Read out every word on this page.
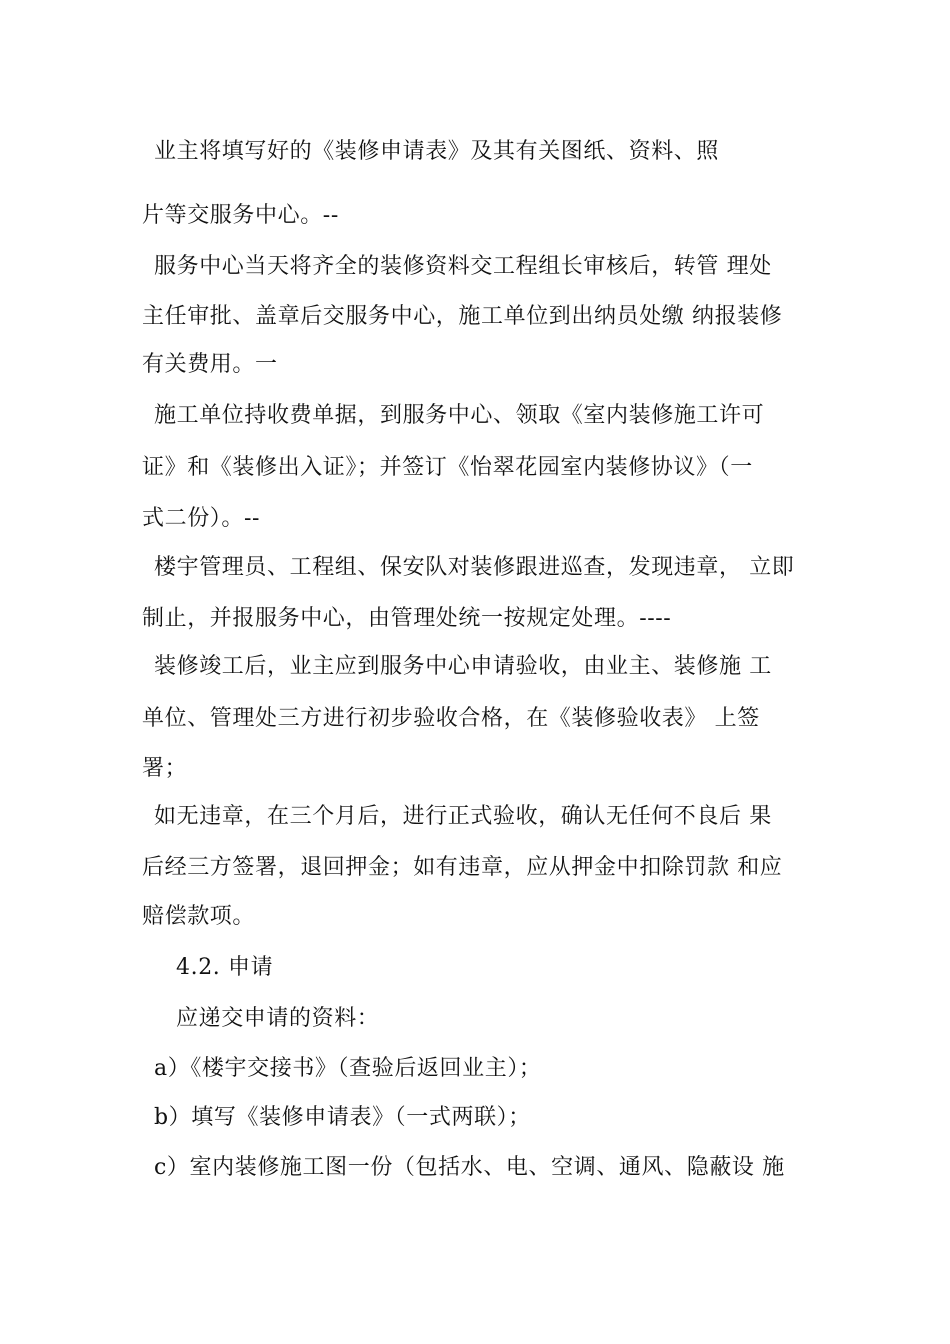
业主将填写好的《装修申请表》及其有关图纸、资料、照
片等交服务中心。--
服务中心当天将齐全的装修资料交工程组长审核后，转管 理处
主任审批、盖章后交服务中心，施工单位到出纳员处缴 纳报装修
有关费用。一
施工单位持收费单据，到服务中心、领取《室内装修施工许可
证》和《装修出入证》；并签订《怡翠花园室内装修协议》（一
式二份）。--
楼宇管理员、工程组、保安队对装修跟进巡查，发现违章， 立即
制止，并报服务中心，由管理处统一按规定处理。----
装修竣工后，业主应到服务中心申请验收，由业主、装修施 工
单位、管理处三方进行初步验收合格，在《装修验收表》 上签
署；
如无违章，在三个月后，进行正式验收，确认无任何不良后 果
后经三方签署，退回押金；如有违章，应从押金中扣除罚款 和应
赔偿款项。
4.2. 申请
应递交申请的资料：
a）《楼宇交接书》（查验后返回业主）；
b）填写《装修申请表》（一式两联）；
c）室内装修施工图一份（包括水、电、空调、通风、隐蔽设 施
